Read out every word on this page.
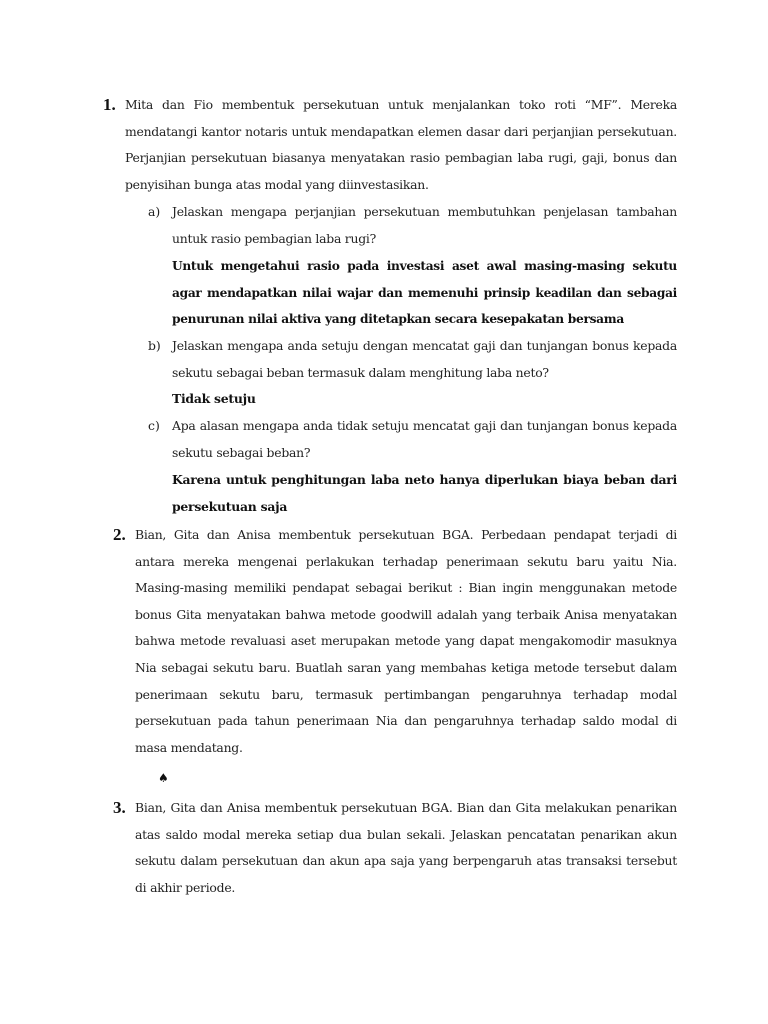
1. Mita dan Fio membentuk persekutuan untuk menjalankan toko roti “MF”. Mereka mendatangi kantor notaris untuk mendapatkan elemen dasar dari perjanjian persekutuan. Perjanjian persekutuan biasanya menyatakan rasio pembagian laba rugi, gaji, bonus dan penyisihan bunga atas modal yang diinvestasikan.
a) Jelaskan mengapa perjanjian persekutuan membutuhkan penjelasan tambahan untuk rasio pembagian laba rugi?
Untuk mengetahui rasio pada investasi aset awal masing-masing sekutu agar mendapatkan nilai wajar dan memenuhi prinsip keadilan dan sebagai penurunan nilai aktiva yang ditetapkan secara kesepakatan bersama
b) Jelaskan mengapa anda setuju dengan mencatat gaji dan tunjangan bonus kepada sekutu sebagai beban termasuk dalam menghitung laba neto?
Tidak setuju
c) Apa alasan mengapa anda tidak setuju mencatat gaji dan tunjangan bonus kepada sekutu sebagai beban?
Karena untuk penghitungan laba neto hanya diperlukan biaya beban dari persekutuan saja
2. Bian, Gita dan Anisa membentuk persekutuan BGA. Perbedaan pendapat terjadi di antara mereka mengenai perlakukan terhadap penerimaan sekutu baru yaitu Nia. Masing-masing memiliki pendapat sebagai berikut : Bian ingin menggunakan metode bonus Gita menyatakan bahwa metode goodwill adalah yang terbaik Anisa menyatakan bahwa metode revaluasi aset merupakan metode yang dapat mengakomodir masuknya Nia sebagai sekutu baru. Buatlah saran yang membahas ketiga metode tersebut dalam penerimaan sekutu baru, termasuk pertimbangan pengaruhnya terhadap modal persekutuan pada tahun penerimaan Nia dan pengaruhnya terhadap saldo modal di masa mendatang.
♠
3. Bian, Gita dan Anisa membentuk persekutuan BGA. Bian dan Gita melakukan penarikan atas saldo modal mereka setiap dua bulan sekali. Jelaskan pencatatan penarikan akun sekutu dalam persekutuan dan akun apa saja yang berpengaruh atas transaksi tersebut di akhir periode.
